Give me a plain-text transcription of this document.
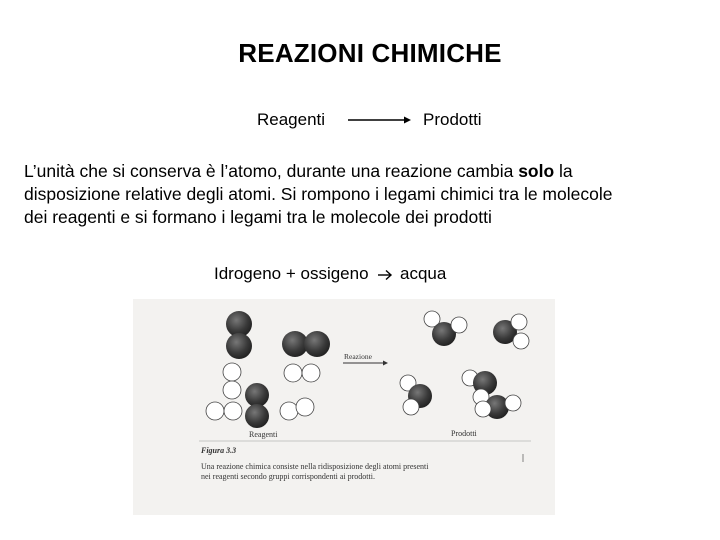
REAZIONI CHIMICHE
Reagenti	Prodotti
L’unità che si conserva è l’atomo, durante una reazione cambia solo la
disposizione relative degli atomi. Si rompono i legami chimici tra le molecole
dei reagenti e si formano i legami tra le molecole dei prodotti
Idrogeno + ossigeno acqua
Reazione
Reagenti	Prodotti
Figura 3.3
Una reazione chimica consiste nella ridisposizione degli atomi presenti
nei reagenti secondo gruppi corrispondenti ai prodotti.
